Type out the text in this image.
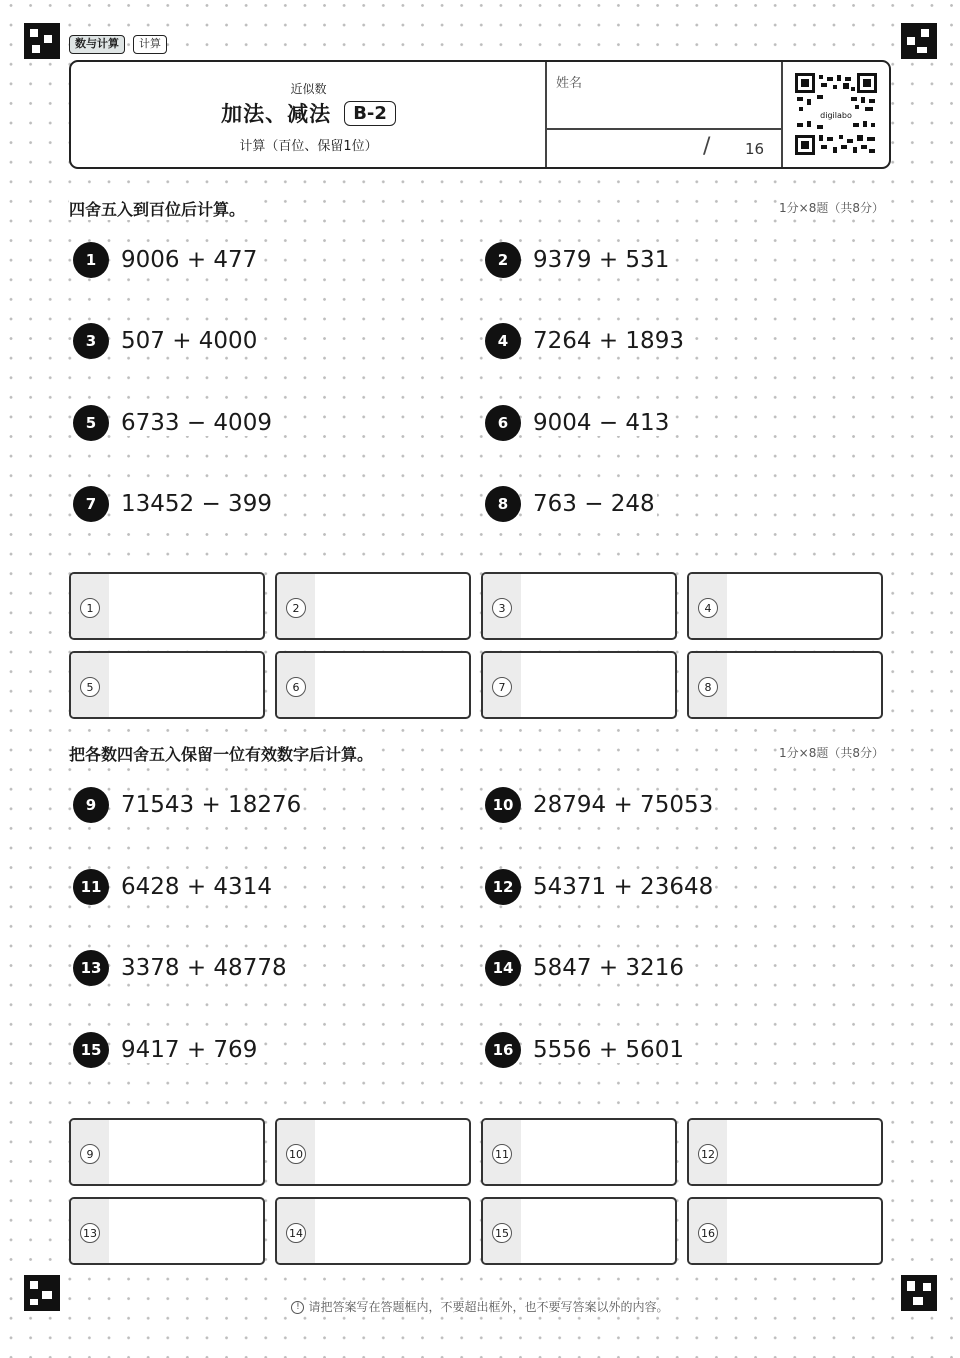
数与计算	计算
近似数
加法、减法 B-2
计算（百位、保留1位）
姓名
/ 16
digilabo
四舍五入到百位后计算。	1分×8题（共8分）
1	9006 + 477	2	9379 + 531
3	507 + 4000	4	7264 + 1893
5	6733 − 4009	6	9004 − 413
7	13452 − 399	8	763 − 248
1	2	3	4
5	6	7	8
把各数四舍五入保留一位有效数字后计算。	1分×8题（共8分）
9	71543 + 18276	10 28794 + 75053
11 6428 + 4314	12 54371 + 23648
13 3378 + 48778	14 5847 + 3216
15 9417 + 769	16 5556 + 5601
9	10	11	12
13	14	15	16
! 请把答案写在答题框内，不要超出框外，也不要写答案以外的内容。
